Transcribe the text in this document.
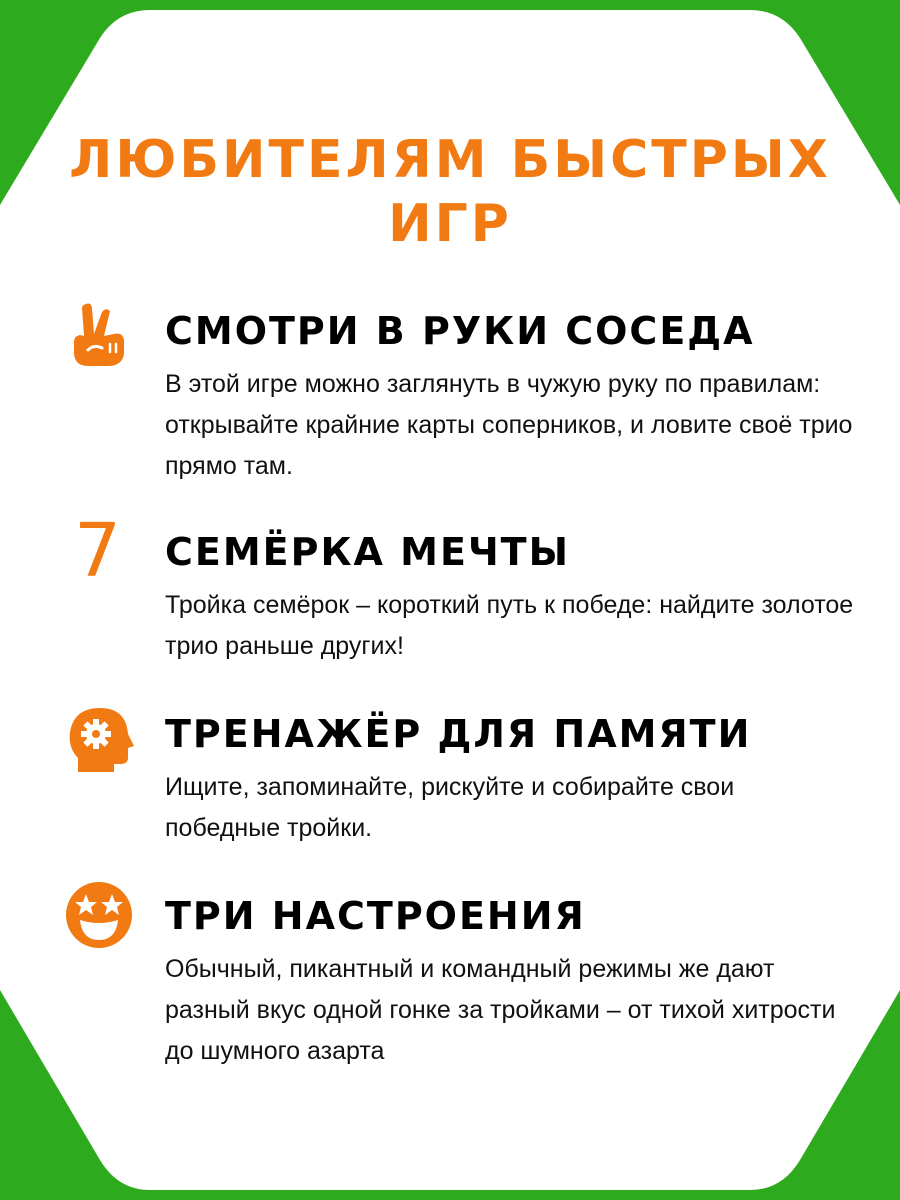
ЛЮБИТЕЛЯМ БЫСТРЫХ ИГР
СМОТРИ В РУКИ СОСЕДА
В этой игре можно заглянуть в чужую руку по правилам: открывайте крайние карты соперников, и ловите своё трио прямо там.
7	СЕМЁРКА МЕЧТЫ
Тройка семёрок – короткий путь к победе: найдите золотое трио раньше других!
ТРЕНАЖЁР ДЛЯ ПАМЯТИ
Ищите, запоминайте, рискуйте и собирайте свои победные тройки.
ТРИ НАСТРОЕНИЯ
Обычный, пикантный и командный режимы же дают разный вкус одной гонке за тройками – от тихой хитрости до шумного азарта
